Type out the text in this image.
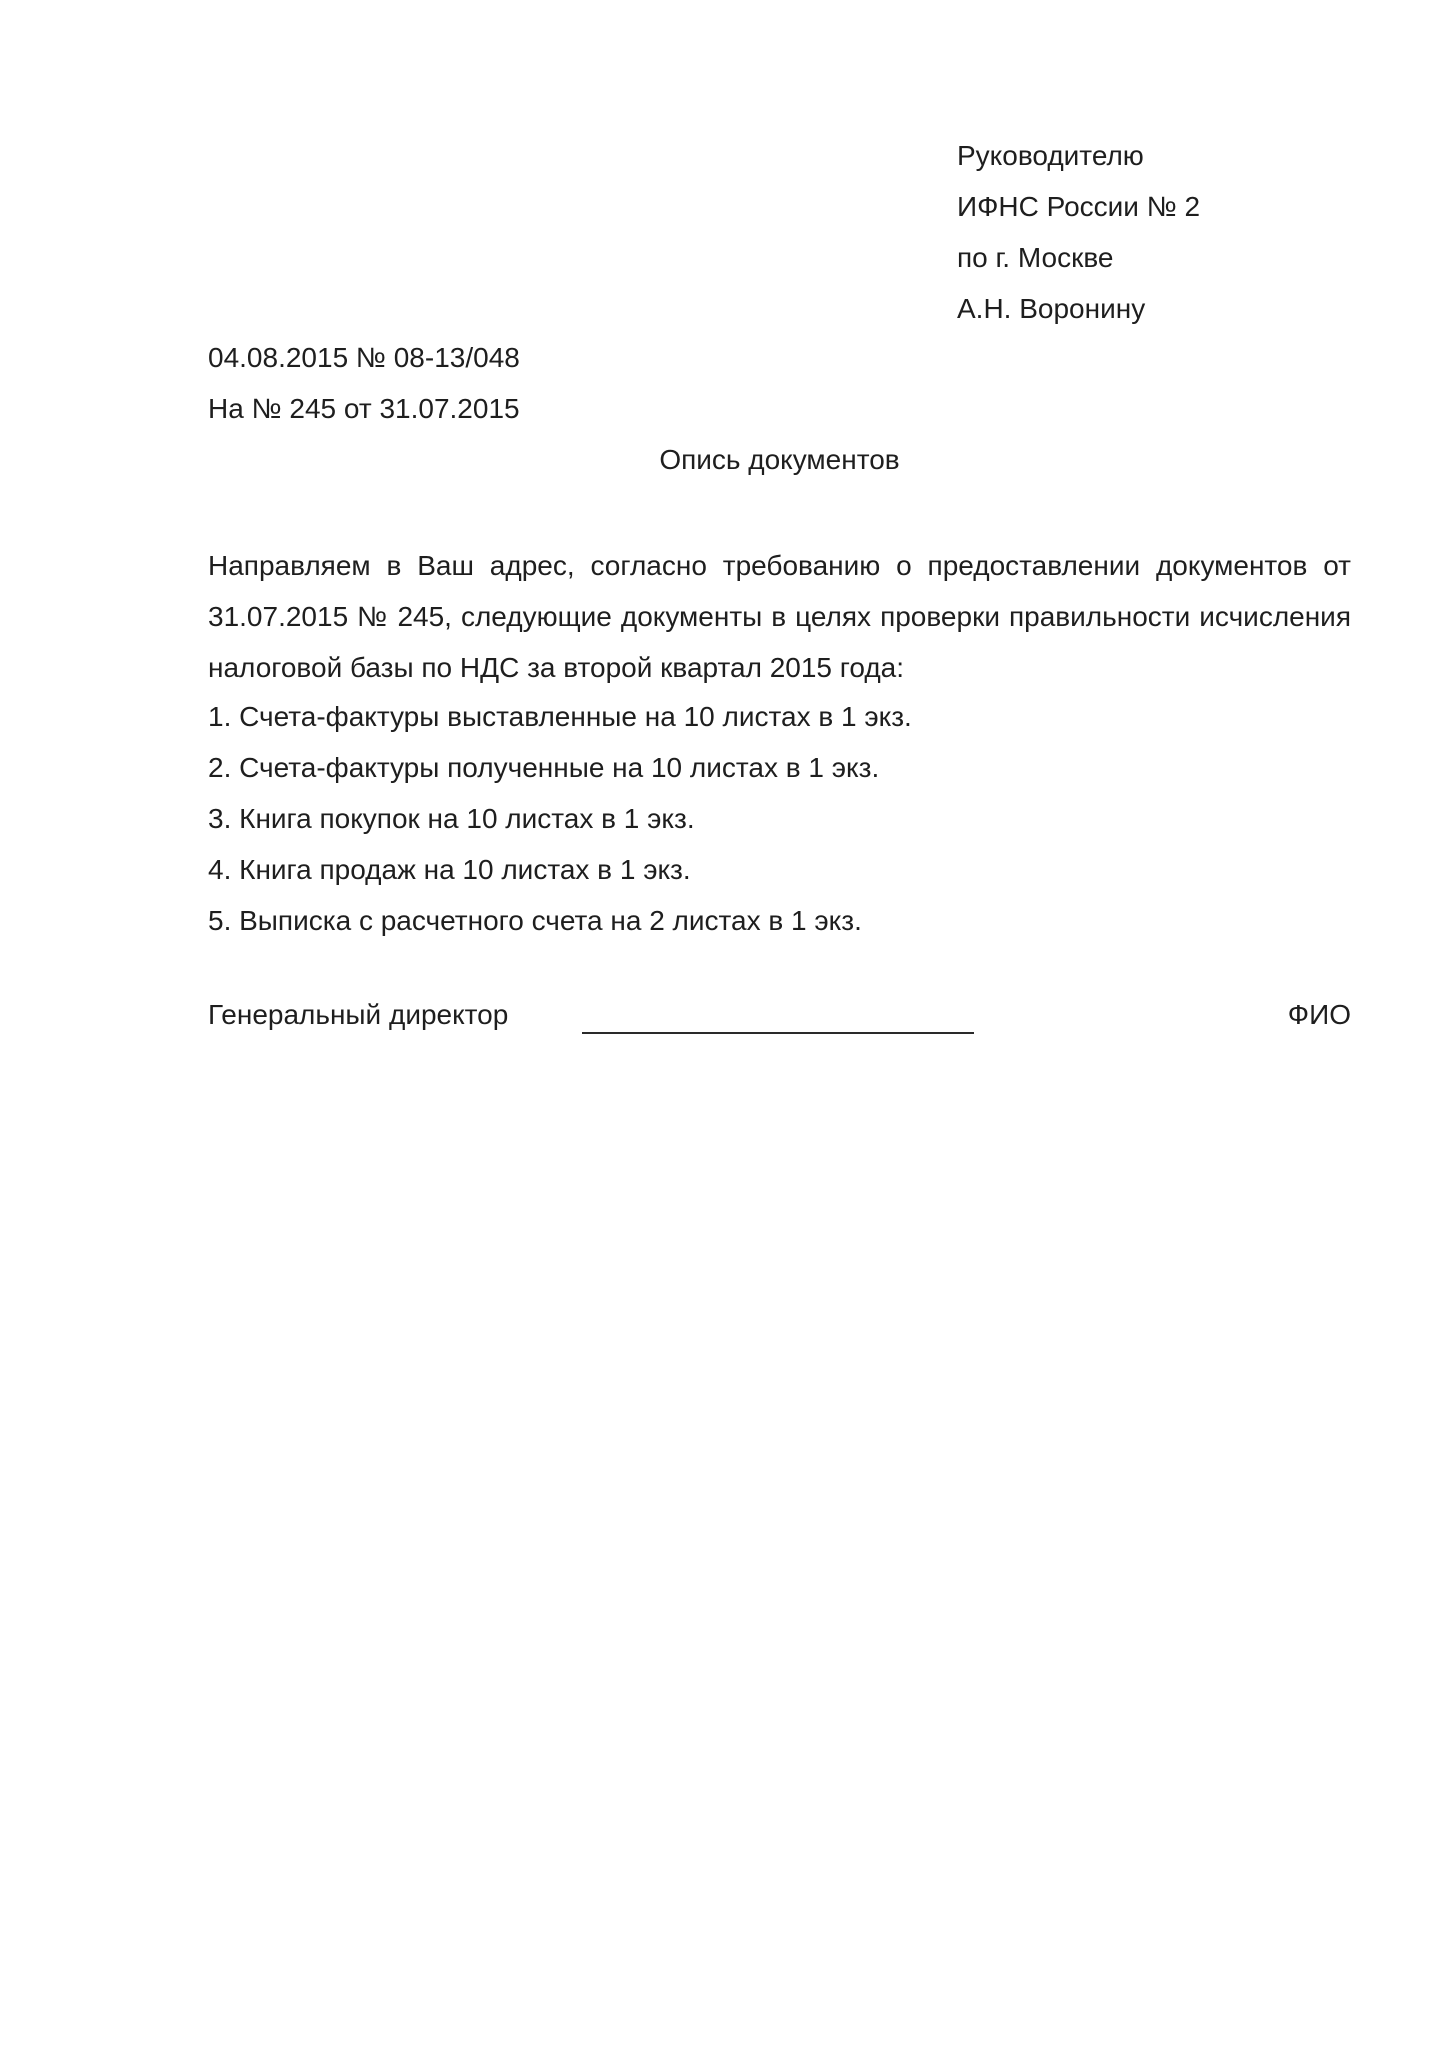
Руководителю
ИФНС России № 2
по г. Москве
А.Н. Воронину
04.08.2015 № 08-13/048
На № 245 от 31.07.2015
Опись документов
Направляем в Ваш адрес, согласно требованию о предоставлении документов от 31.07.2015 № 245, следующие документы в целях проверки правильности исчисления налоговой базы по НДС за второй квартал 2015 года:
1. Счета-фактуры выставленные на 10 листах в 1 экз.
2. Счета-фактуры полученные на 10 листах в 1 экз.
3. Книга покупок на 10 листах в 1 экз.
4. Книга продаж на 10 листах в 1 экз.
5. Выписка с расчетного счета на 2 листах в 1 экз.
Генеральный директор	ФИО
